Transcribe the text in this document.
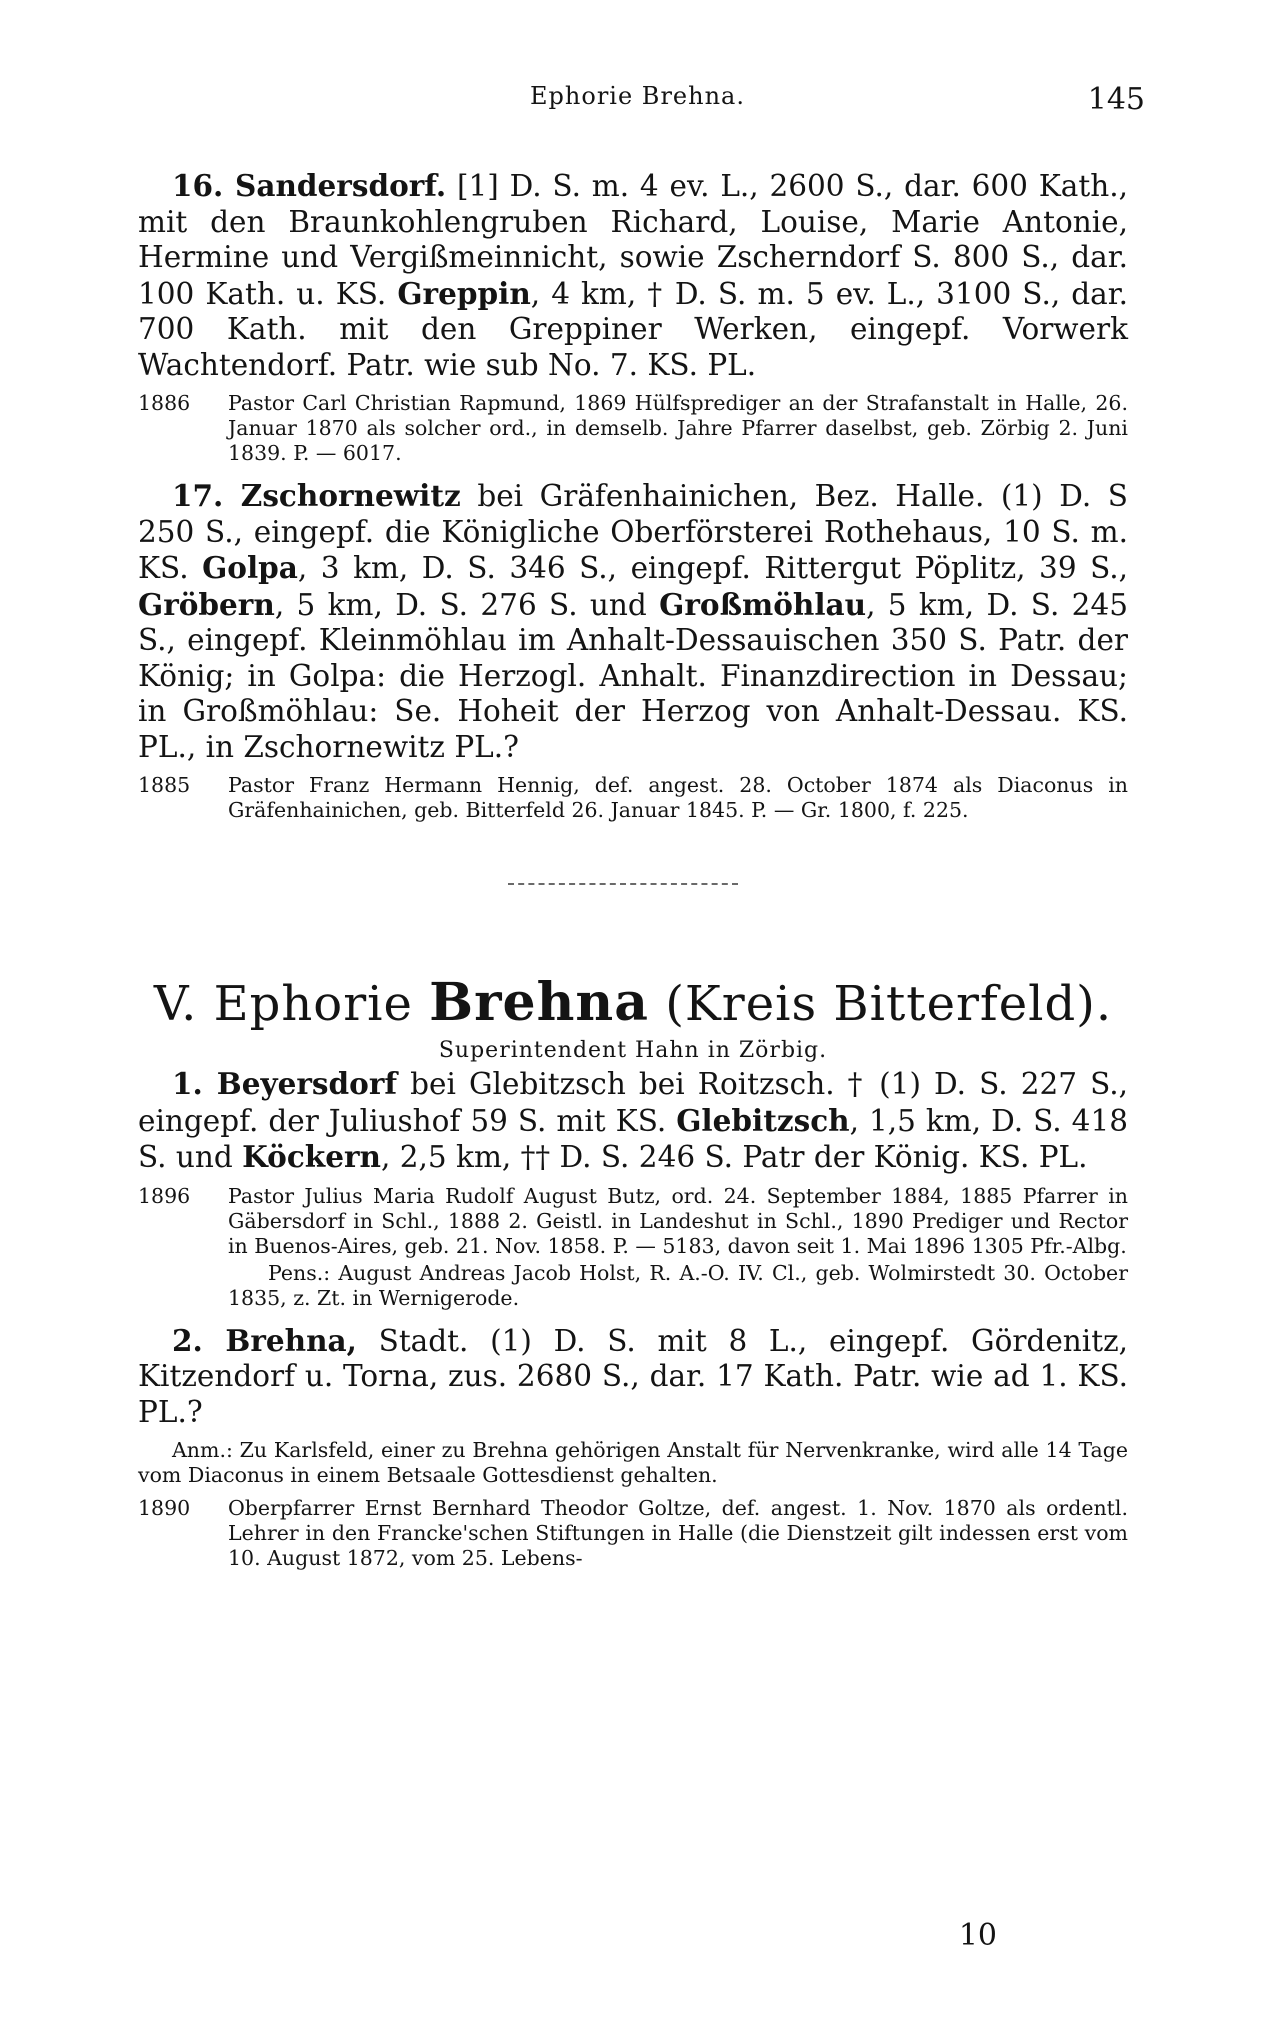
Ephorie Brehna.	145

16. Sandersdorf. [1] D. S. m. 4 ev. L., 2600 S., dar. 600 Kath., mit den Braunkohlengruben Richard, Louise, Marie Antonie, Hermine und Vergißmeinnicht, sowie Zscherndorf S. 800 S., dar. 100 Kath. u. KS. Greppin, 4 km, † D. S. m. 5 ev. L., 3100 S., dar. 700 Kath. mit den Greppiner Werken, eingepf. Vorwerk Wachtendorf. Patr. wie sub No. 7. KS. PL.

1886 Pastor Carl Christian Rapmund, 1869 Hülfsprediger an der Strafanstalt in Halle, 26. Januar 1870 als solcher ord., in demselb. Jahre Pfarrer daselbst, geb. Zörbig 2. Juni 1839. P. — 6017.

17. Zschornewitz bei Gräfenhainichen, Bez. Halle. (1) D. S 250 S., eingepf. die Königliche Oberförsterei Rothehaus, 10 S. m. KS. Golpa, 3 km, D. S. 346 S., eingepf. Rittergut Pöplitz, 39 S., Gröbern, 5 km, D. S. 276 S. und Großmöhlau, 5 km, D. S. 245 S., eingepf. Kleinmöhlau im Anhalt-Dessauischen 350 S. Patr. der König; in Golpa: die Herzogl. Anhalt. Finanzdirection in Dessau; in Großmöhlau: Se. Hoheit der Herzog von Anhalt-Dessau. KS. PL., in Zschornewitz PL.?

1885 Pastor Franz Hermann Hennig, def. angest. 28. October 1874 als Diaconus in Gräfenhainichen, geb. Bitterfeld 26. Januar 1845. P. — Gr. 1800, f. 225.

V. Ephorie Brehna (Kreis Bitterfeld).
Superintendent Hahn in Zörbig.

1. Beyersdorf bei Glebitzsch bei Roitzsch. † (1) D. S. 227 S., eingepf. der Juliushof 59 S. mit KS. Glebitzsch, 1,5 km, D. S. 418 S. und Köckern, 2,5 km, †† D. S. 246 S. Patr der König. KS. PL.

1896 Pastor Julius Maria Rudolf August Butz, ord. 24. September 1884, 1885 Pfarrer in Gäbersdorf in Schl., 1888 2. Geistl. in Landeshut in Schl., 1890 Prediger und Rector in Buenos-Aires, geb. 21. Nov. 1858. P. — 5183, davon seit 1. Mai 1896 1305 Pfr.-Albg.

Pens.: August Andreas Jacob Holst, R. A.-O. IV. Cl., geb. Wolmirstedt 30. October 1835, z. Zt. in Wernigerode.

2. Brehna, Stadt. (1) D. S. mit 8 L., eingepf. Gördenitz, Kitzendorf u. Torna, zus. 2680 S., dar. 17 Kath. Patr. wie ad 1. KS. PL.?

Anm.: Zu Karlsfeld, einer zu Brehna gehörigen Anstalt für Nervenkranke, wird alle 14 Tage vom Diaconus in einem Betsaale Gottesdienst gehalten.

1890 Oberpfarrer Ernst Bernhard Theodor Goltze, def. angest. 1. Nov. 1870 als ordentl. Lehrer in den Francke'schen Stiftungen in Halle (die Dienstzeit gilt indessen erst vom 10. August 1872, vom 25. Lebens-

10
